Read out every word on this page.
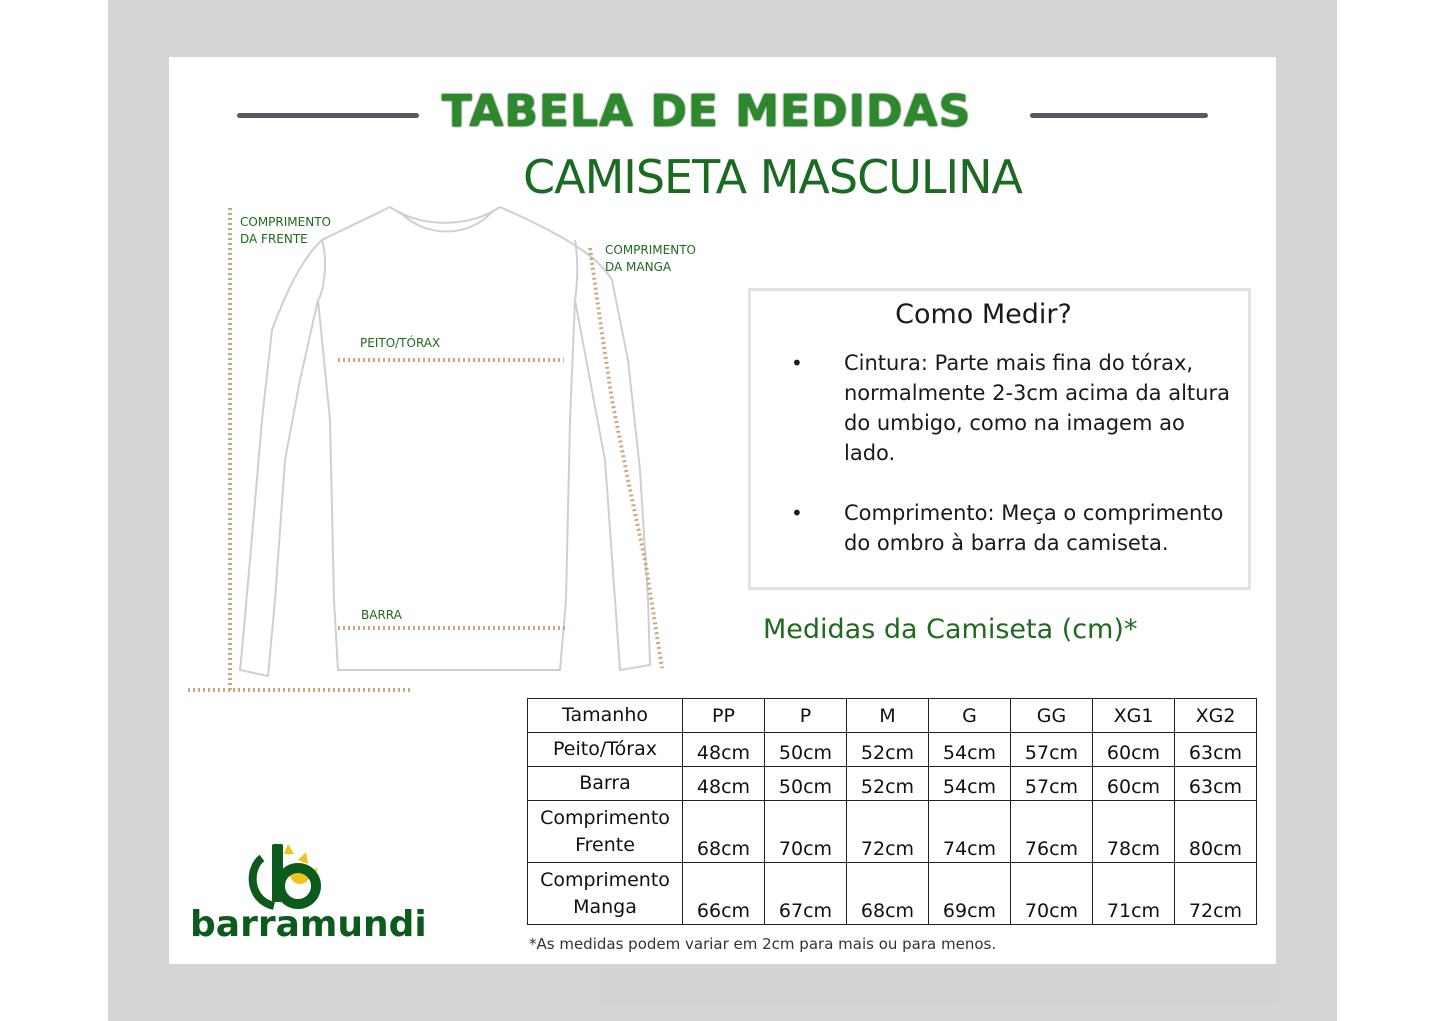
TABELA DE MEDIDAS
CAMISETA MASCULINA
COMPRIMENTO
DA FRENTE
COMPRIMENTO
DA MANGA
PEITO/TÓRAX
BARRA
Como Medir?
• Cintura: Parte mais fina do tórax, normalmente 2-3cm acima da altura do umbigo, como na imagem ao lado.
• Comprimento: Meça o comprimento do ombro à barra da camiseta.
Medidas da Camiseta (cm)*
Tamanho	PP	P	M	G	GG	XG1	XG2
Peito/Tórax	48cm	50cm	52cm	54cm	57cm	60cm	63cm
Barra	48cm	50cm	52cm	54cm	57cm	60cm	63cm

Comprimento
Frente	68cm	70cm	72cm	74cm	76cm	78cm	80cm

Comprimento
Manga	66cm	67cm	68cm	69cm	70cm	71cm	72cm
*As medidas podem variar em 2cm para mais ou para menos.
barramundi
